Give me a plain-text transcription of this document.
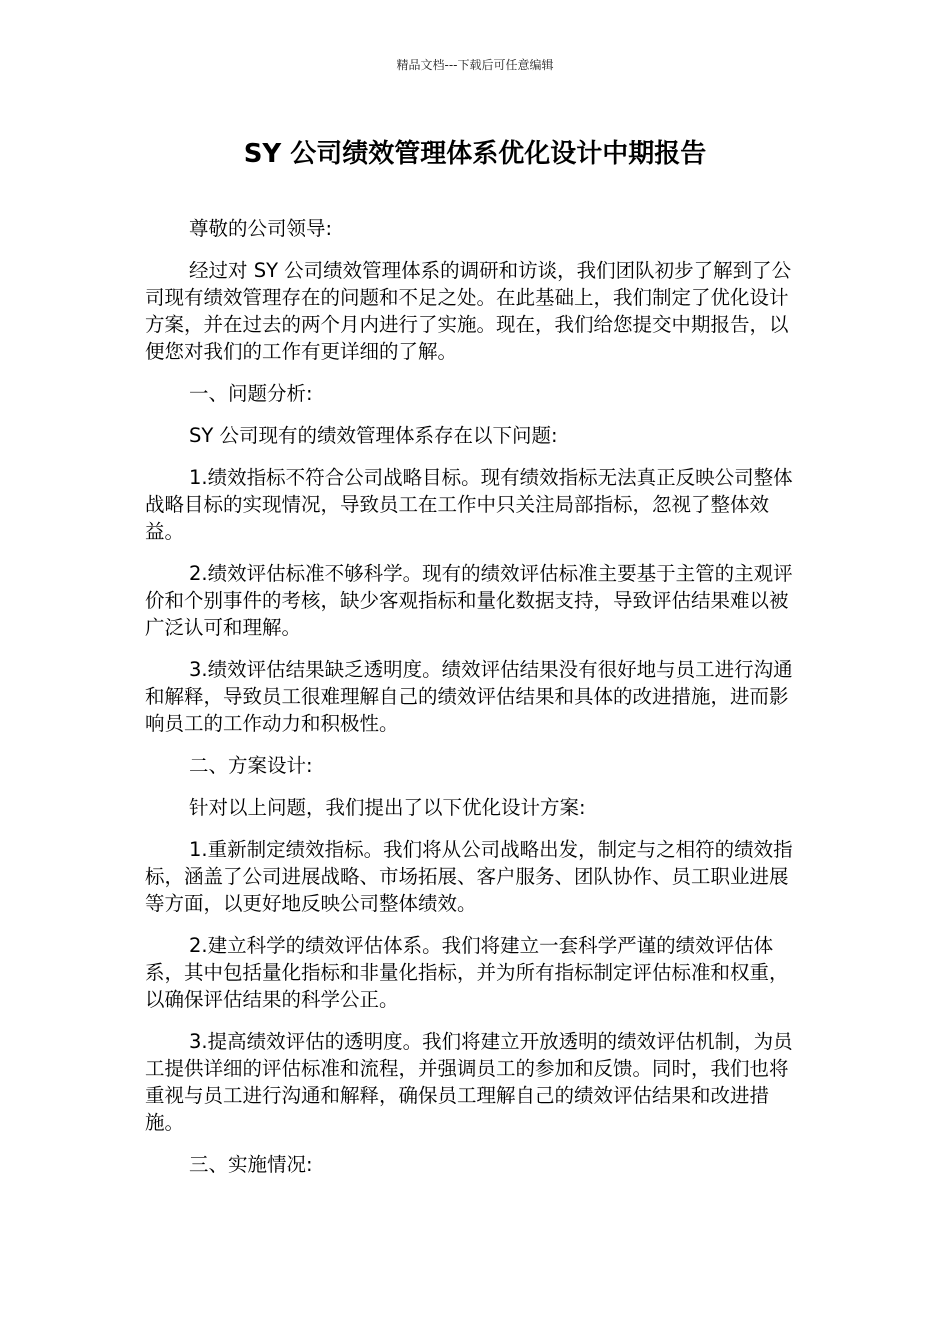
精品文档---下载后可任意编辑
SY 公司绩效管理体系优化设计中期报告

尊敬的公司领导:

经过对 SY 公司绩效管理体系的调研和访谈，我们团队初步了解到了公司现有绩效管理存在的问题和不足之处。在此基础上，我们制定了优化设计方案，并在过去的两个月内进行了实施。现在，我们给您提交中期报告，以便您对我们的工作有更详细的了解。

一、问题分析:

SY 公司现有的绩效管理体系存在以下问题:

1.绩效指标不符合公司战略目标。现有绩效指标无法真正反映公司整体战略目标的实现情况，导致员工在工作中只关注局部指标，忽视了整体效益。

2.绩效评估标准不够科学。现有的绩效评估标准主要基于主管的主观评价和个别事件的考核，缺少客观指标和量化数据支持，导致评估结果难以被广泛认可和理解。

3.绩效评估结果缺乏透明度。绩效评估结果没有很好地与员工进行沟通和解释，导致员工很难理解自己的绩效评估结果和具体的改进措施，进而影响员工的工作动力和积极性。

二、方案设计:

针对以上问题，我们提出了以下优化设计方案:

1.重新制定绩效指标。我们将从公司战略出发，制定与之相符的绩效指标，涵盖了公司进展战略、市场拓展、客户服务、团队协作、员工职业进展等方面，以更好地反映公司整体绩效。

2.建立科学的绩效评估体系。我们将建立一套科学严谨的绩效评估体系，其中包括量化指标和非量化指标，并为所有指标制定评估标准和权重，以确保评估结果的科学公正。

3.提高绩效评估的透明度。我们将建立开放透明的绩效评估机制，为员工提供详细的评估标准和流程，并强调员工的参加和反馈。同时，我们也将重视与员工进行沟通和解释，确保员工理解自己的绩效评估结果和改进措施。

三、实施情况:
